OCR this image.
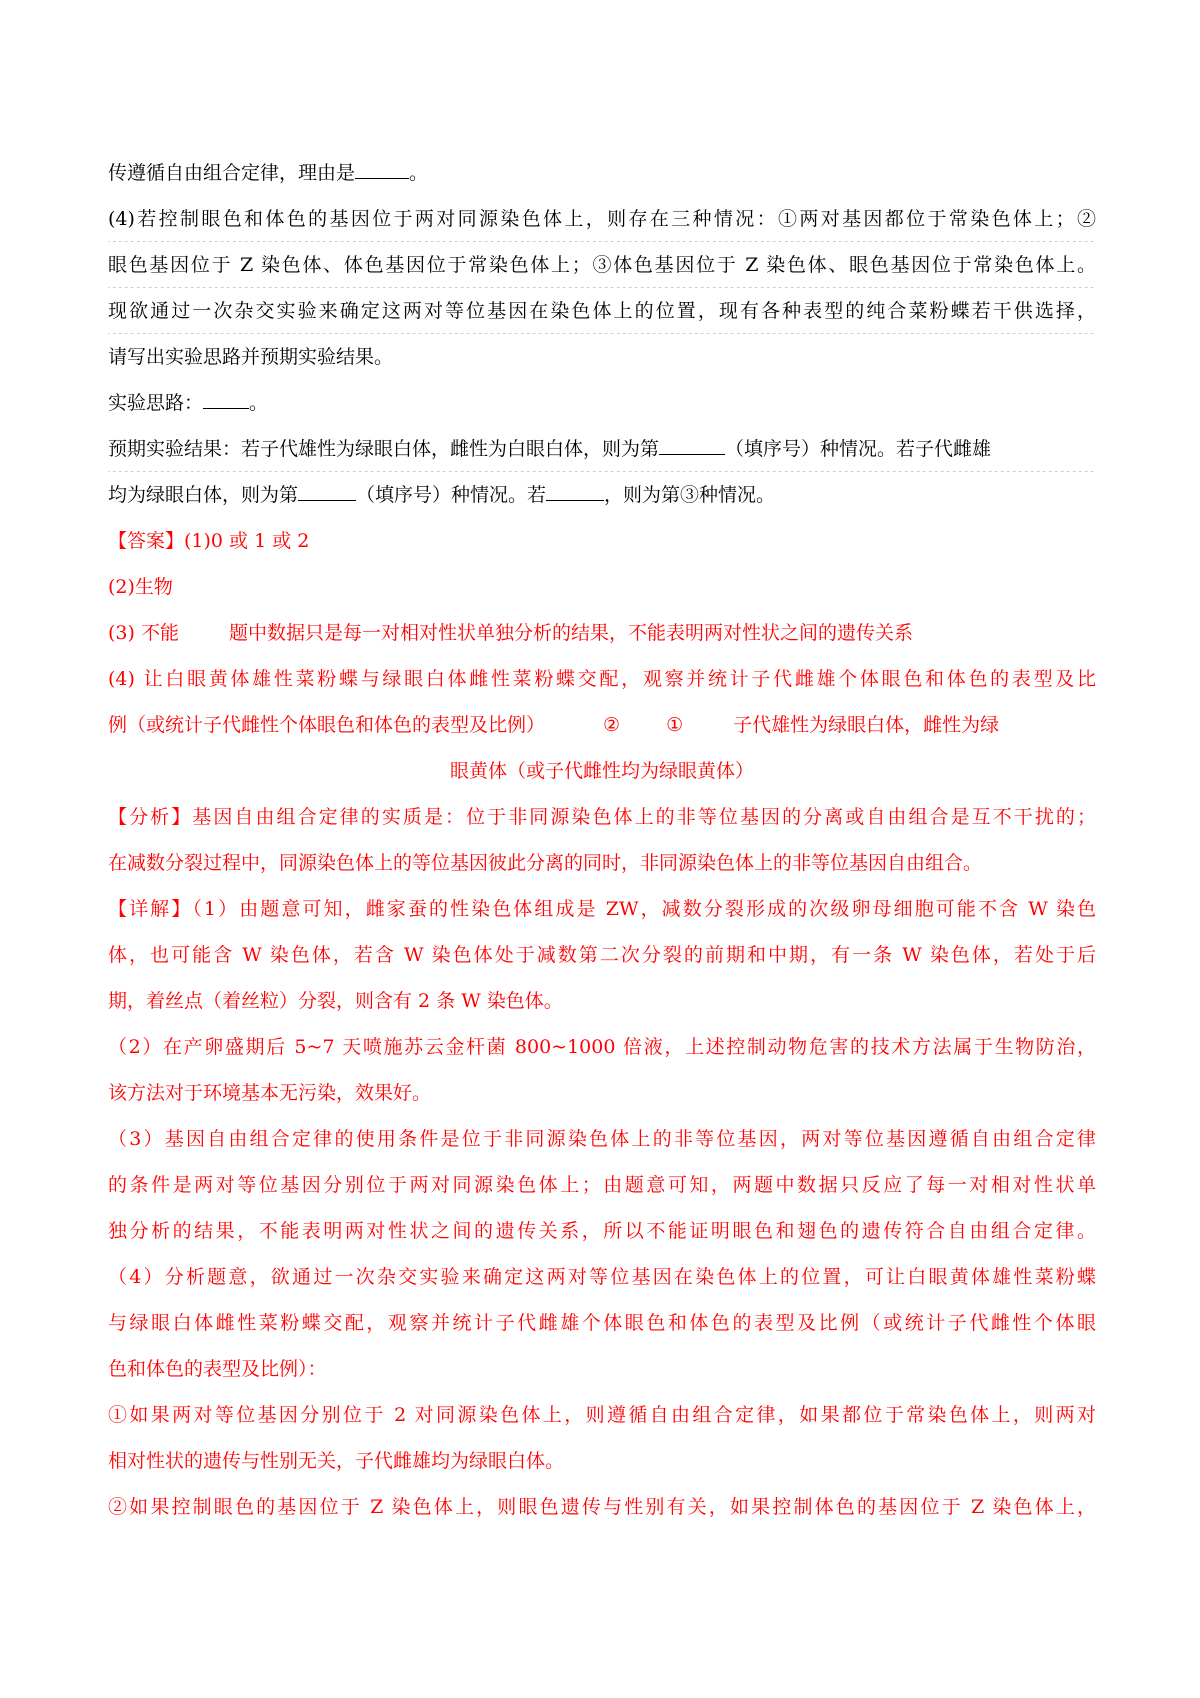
传遵循自由组合定律，理由是	。
(4)若控制眼色和体色的基因位于两对同源染色体上，则存在三种情况：①两对基因都位于常染色体上；②
眼色基因位于 Z 染色体、体色基因位于常染色体上；③体色基因位于 Z 染色体、眼色基因位于常染色体上。
现欲通过一次杂交实验来确定这两对等位基因在染色体上的位置，现有各种表型的纯合菜粉蝶若干供选择，
请写出实验思路并预期实验结果。
实验思路： 。
预期实验结果：若子代雄性为绿眼白体，雌性为白眼白体，则为第	（填序号）种情况。若子代雌雄
均为绿眼白体，则为第	（填序号）种情况。若	，则为第③种情况。
【答案】(1)0 或 1 或 2
(2)生物
(3) 不能	题中数据只是每一对相对性状单独分析的结果，不能表明两对性状之间的遗传关系
(4) 让白眼黄体雄性菜粉蝶与绿眼白体雌性菜粉蝶交配，观察并统计子代雌雄个体眼色和体色的表型及比
例（或统计子代雌性个体眼色和体色的表型及比例）	② ①	子代雄性为绿眼白体，雌性为绿
眼黄体（或子代雌性均为绿眼黄体）
【分析】基因自由组合定律的实质是：位于非同源染色体上的非等位基因的分离或自由组合是互不干扰的；
在减数分裂过程中，同源染色体上的等位基因彼此分离的同时，非同源染色体上的非等位基因自由组合。
【详解】（1）由题意可知，雌家蚕的性染色体组成是 ZW，减数分裂形成的次级卵母细胞可能不含 W 染色
体，也可能含 W 染色体，若含 W 染色体处于减数第二次分裂的前期和中期，有一条 W 染色体，若处于后
期，着丝点（着丝粒）分裂，则含有 2 条 W 染色体。
（2）在产卵盛期后 5~7 天喷施苏云金杆菌 800~1000 倍液，上述控制动物危害的技术方法属于生物防治，
该方法对于环境基本无污染，效果好。
（3）基因自由组合定律的使用条件是位于非同源染色体上的非等位基因，两对等位基因遵循自由组合定律
的条件是两对等位基因分别位于两对同源染色体上；由题意可知，两题中数据只反应了每一对相对性状单
独分析的结果，不能表明两对性状之间的遗传关系，所以不能证明眼色和翅色的遗传符合自由组合定律。
（4）分析题意，欲通过一次杂交实验来确定这两对等位基因在染色体上的位置，可让白眼黄体雄性菜粉蝶
与绿眼白体雌性菜粉蝶交配，观察并统计子代雌雄个体眼色和体色的表型及比例（或统计子代雌性个体眼
色和体色的表型及比例）：
①如果两对等位基因分别位于 2 对同源染色体上，则遵循自由组合定律，如果都位于常染色体上，则两对
相对性状的遗传与性别无关，子代雌雄均为绿眼白体。
②如果控制眼色的基因位于 Z 染色体上，则眼色遗传与性别有关，如果控制体色的基因位于 Z 染色体上，
